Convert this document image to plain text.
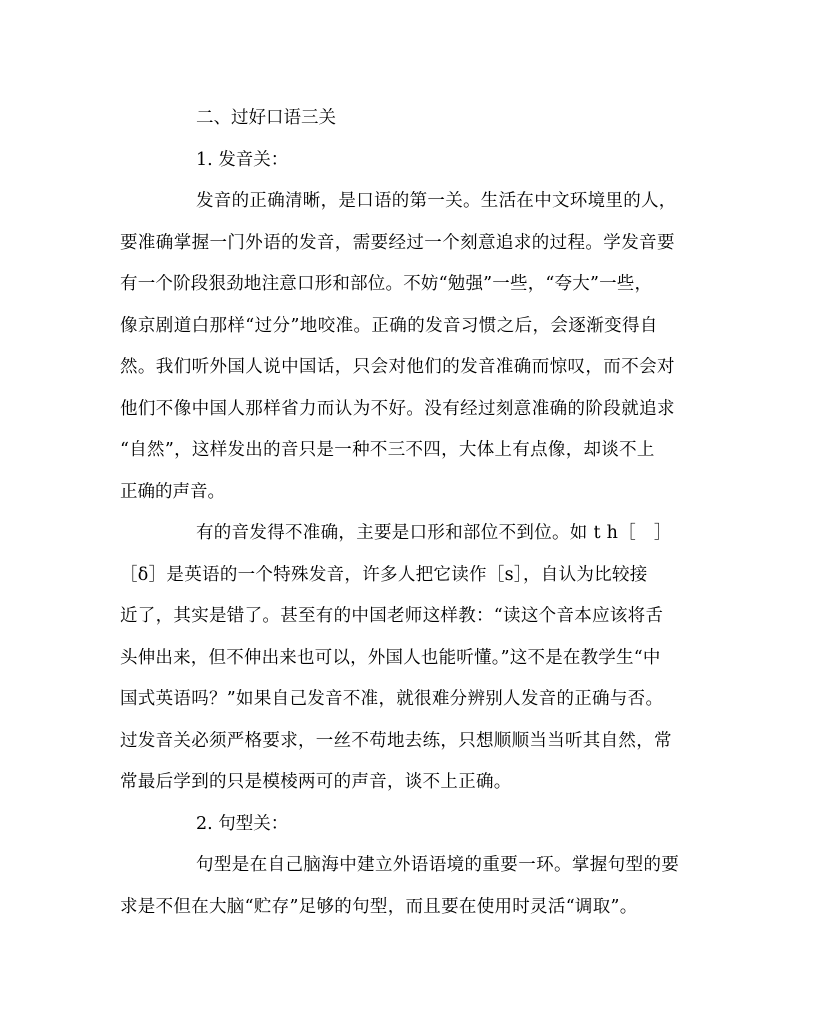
二、过好口语三关

1. 发音关：

发音的正确清晰，是口语的第一关。生活在中文环境里的人，

要准确掌握一门外语的发音，需要经过一个刻意追求的过程。学发音要

有一个阶段狠劲地注意口形和部位。不妨“勉强”一些，“夸大”一些，

像京剧道白那样“过分”地咬准。正确的发音习惯之后，会逐渐变得自

然。我们听外国人说中国话，只会对他们的发音准确而惊叹，而不会对

他们不像中国人那样省力而认为不好。没有经过刻意准确的阶段就追求

“自然”，这样发出的音只是一种不三不四，大体上有点像，却谈不上

正确的声音。

有的音发得不准确，主要是口形和部位不到位。如 t h［　］

［δ］是英语的一个特殊发音，许多人把它读作［s］，自认为比较接

近了，其实是错了。甚至有的中国老师这样教：“读这个音本应该将舌

头伸出来，但不伸出来也可以，外国人也能听懂。”这不是在教学生“中

国式英语吗？”如果自己发音不准，就很难分辨别人发音的正确与否。

过发音关必须严格要求，一丝不苟地去练，只想顺顺当当听其自然，常

常最后学到的只是模棱两可的声音，谈不上正确。

2. 句型关：

句型是在自己脑海中建立外语语境的重要一环。掌握句型的要

求是不但在大脑“贮存”足够的句型，而且要在使用时灵活“调取”。
